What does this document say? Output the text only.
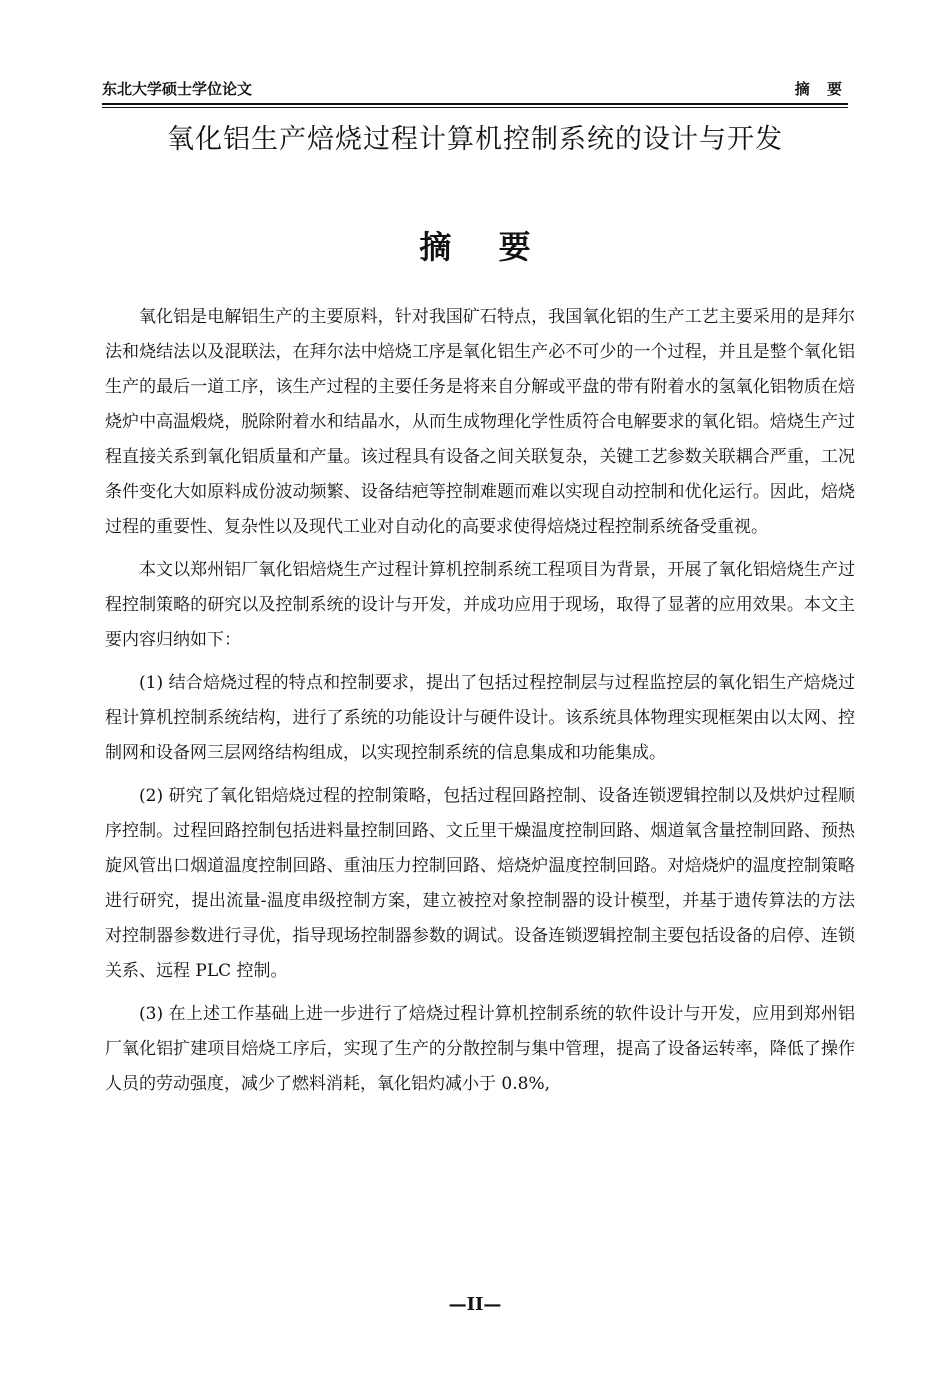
东北大学硕士学位论文	摘 要
氧化铝生产焙烧过程计算机控制系统的设计与开发
摘 要

氧化铝是电解铝生产的主要原料，针对我国矿石特点，我国氧化铝的生产工艺主要采用的是拜尔法和烧结法以及混联法，在拜尔法中焙烧工序是氧化铝生产必不可少的一个过程，并且是整个氧化铝生产的最后一道工序，该生产过程的主要任务是将来自分解或平盘的带有附着水的氢氧化铝物质在焙烧炉中高温煅烧，脱除附着水和结晶水，从而生成物理化学性质符合电解要求的氧化铝。焙烧生产过程直接关系到氧化铝质量和产量。该过程具有设备之间关联复杂，关键工艺参数关联耦合严重，工况条件变化大如原料成份波动频繁、设备结疤等控制难题而难以实现自动控制和优化运行。因此，焙烧过程的重要性、复杂性以及现代工业对自动化的高要求使得焙烧过程控制系统备受重视。

本文以郑州铝厂氧化铝焙烧生产过程计算机控制系统工程项目为背景，开展了氧化铝焙烧生产过程控制策略的研究以及控制系统的设计与开发，并成功应用于现场，取得了显著的应用效果。本文主要内容归纳如下：

(1) 结合焙烧过程的特点和控制要求，提出了包括过程控制层与过程监控层的氧化铝生产焙烧过程计算机控制系统结构，进行了系统的功能设计与硬件设计。该系统具体物理实现框架由以太网、控制网和设备网三层网络结构组成，以实现控制系统的信息集成和功能集成。

(2) 研究了氧化铝焙烧过程的控制策略，包括过程回路控制、设备连锁逻辑控制以及烘炉过程顺序控制。过程回路控制包括进料量控制回路、文丘里干燥温度控制回路、烟道氧含量控制回路、预热旋风管出口烟道温度控制回路、重油压力控制回路、焙烧炉温度控制回路。对焙烧炉的温度控制策略进行研究，提出流量-温度串级控制方案，建立被控对象控制器的设计模型，并基于遗传算法的方法对控制器参数进行寻优，指导现场控制器参数的调试。设备连锁逻辑控制主要包括设备的启停、连锁关系、远程 PLC 控制。

(3) 在上述工作基础上进一步进行了焙烧过程计算机控制系统的软件设计与开发，应用到郑州铝厂氧化铝扩建项目焙烧工序后，实现了生产的分散控制与集中管理，提高了设备运转率，降低了操作人员的劳动强度，减少了燃料消耗，氧化铝灼减小于 0.8%,

—II—
